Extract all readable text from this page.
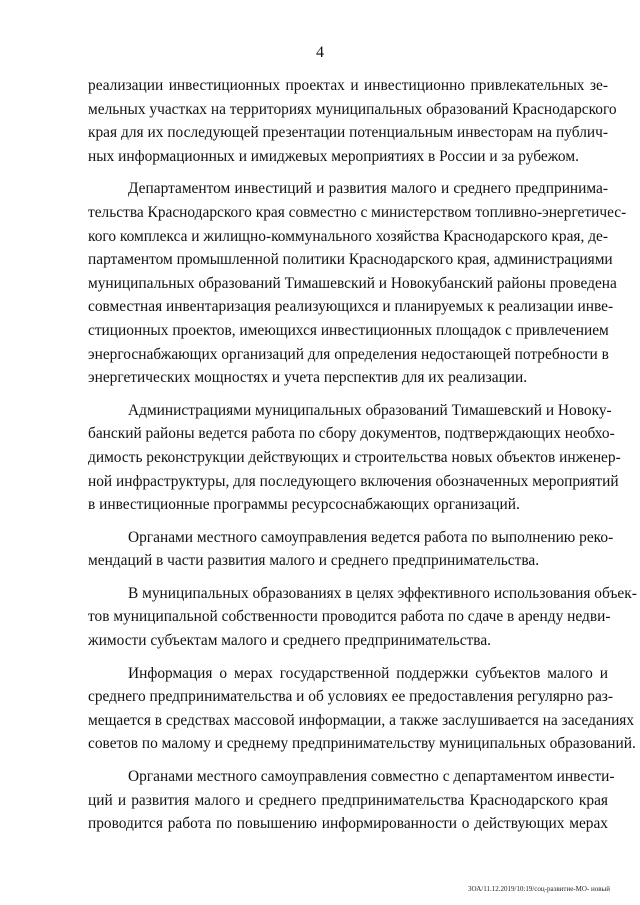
4
реализации инвестиционных проектах и инвестиционно привлекательных зе-
мельных участках на территориях муниципальных образований Краснодарского
края для их последующей презентации потенциальным инвесторам на публич-
ных информационных и имиджевых мероприятиях в России и за рубежом.
Департаментом инвестиций и развития малого и среднего предпринима-
тельства Краснодарского края совместно с министерством топливно-энергетичес-
кого комплекса и жилищно-коммунального хозяйства Краснодарского края, де-
партаментом промышленной политики Краснодарского края, администрациями
муниципальных образований Тимашевский и Новокубанский районы проведена
совместная инвентаризация реализующихся и планируемых к реализации инве-
стиционных проектов, имеющихся инвестиционных площадок с привлечением
энергоснабжающих организаций для определения недостающей потребности в
энергетических мощностях и учета перспектив для их реализации.
Администрациями муниципальных образований Тимашевский и Новоку-
банский районы ведется работа по сбору документов, подтверждающих необхо-
димость реконструкции действующих и строительства новых объектов инженер-
ной инфраструктуры, для последующего включения обозначенных мероприятий
в инвестиционные программы ресурсоснабжающих организаций.
Органами местного самоуправления ведется работа по выполнению реко-
мендаций в части развития малого и среднего предпринимательства.
В муниципальных образованиях в целях эффективного использования объек-
тов муниципальной собственности проводится работа по сдаче в аренду недви-
жимости субъектам малого и среднего предпринимательства.
Информация о мерах государственной поддержки субъектов малого и
среднего предпринимательства и об условиях ее предоставления регулярно раз-
мещается в средствах массовой информации, а также заслушивается на заседаниях
советов по малому и среднему предпринимательству муниципальных образований.
Органами местного самоуправления совместно с департаментом инвести-
ций и развития малого и среднего предпринимательства Краснодарского края
проводится работа по повышению информированности о действующих мерах
3ОА/11.12.2019/10:19/соц-развитие-МО- новый
